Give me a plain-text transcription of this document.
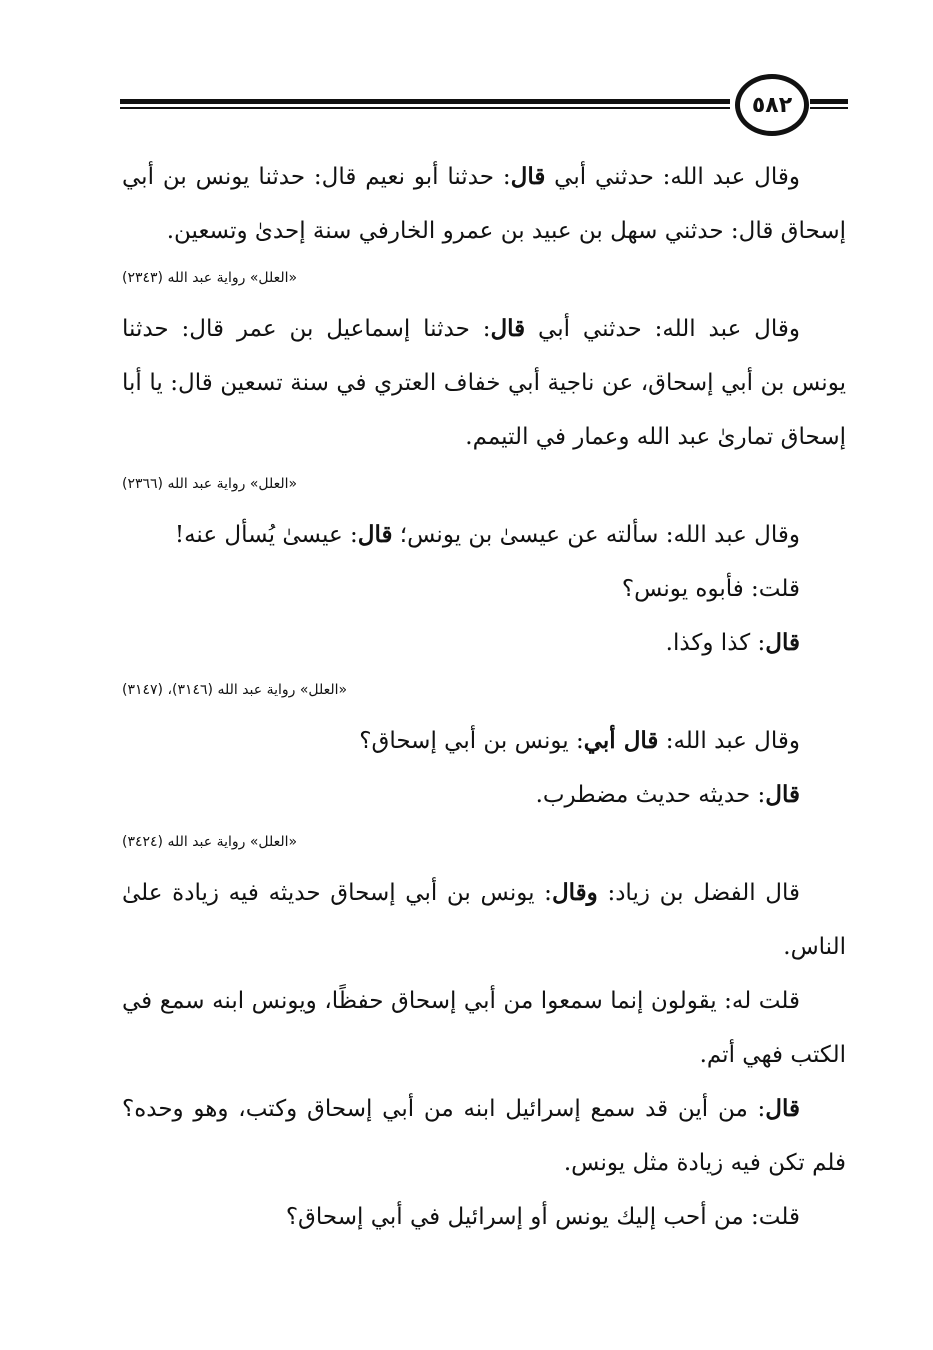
٥٨٢

وقال عبد الله: حدثني أبي قال: حدثنا أبو نعيم قال: حدثنا يونس بن أبي إسحاق قال: حدثني سهل بن عبيد بن عمرو الخارفي سنة إحدىٰ وتسعين.

«العلل» رواية عبد الله (٢٣٤٣)

وقال عبد الله: حدثني أبي قال: حدثنا إسماعيل بن عمر قال: حدثنا يونس بن أبي إسحاق، عن ناجية أبي خفاف العتري في سنة تسعين قال: يا أبا إسحاق تمارىٰ عبد الله وعمار في التيمم.

«العلل» رواية عبد الله (٢٣٦٦)

وقال عبد الله: سألته عن عيسىٰ بن يونس؛ قال: عيسىٰ يُسأل عنه!

قلت: فأبوه يونس؟

قال: كذا وكذا.

«العلل» رواية عبد الله (٣١٤٦)، (٣١٤٧)

وقال عبد الله: قال أبي: يونس بن أبي إسحاق؟

قال: حديثه حديث مضطرب.

«العلل» رواية عبد الله (٣٤٢٤)

قال الفضل بن زياد: وقال: يونس بن أبي إسحاق حديثه فيه زيادة علىٰ الناس.

قلت له: يقولون إنما سمعوا من أبي إسحاق حفظًا، ويونس ابنه سمع في الكتب فهي أتم.

قال: من أين قد سمع إسرائيل ابنه من أبي إسحاق وكتب، وهو وحده؟ فلم تكن فيه زيادة مثل يونس.

قلت: من أحب إليك يونس أو إسرائيل في أبي إسحاق؟
